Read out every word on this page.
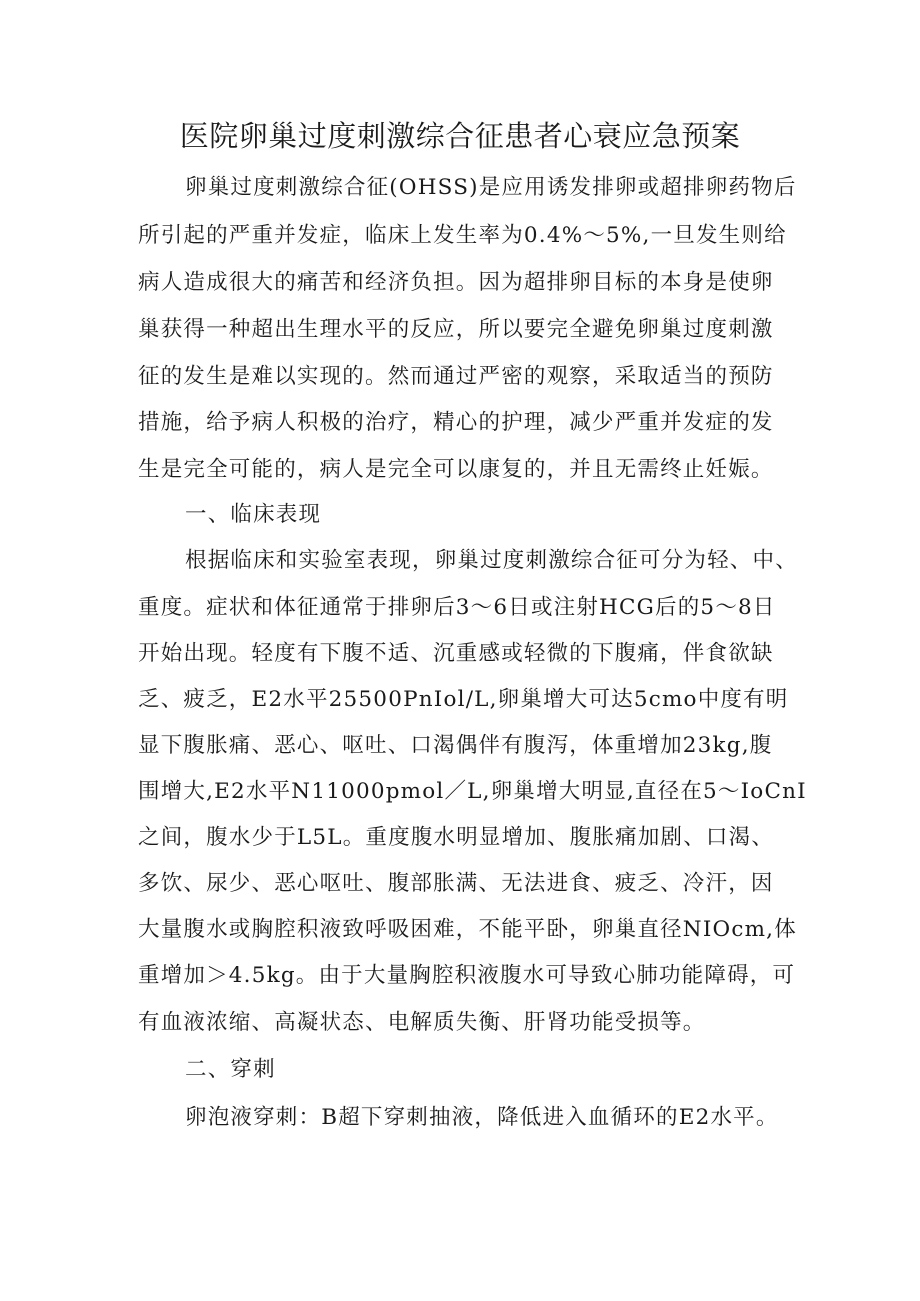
医院卵巢过度刺激综合征患者心衰应急预案

卵巢过度刺激综合征(OHSS)是应用诱发排卵或超排卵药物后

所引起的严重并发症，临床上发生率为0.4%～5%,一旦发生则给

病人造成很大的痛苦和经济负担。因为超排卵目标的本身是使卵

巢获得一种超出生理水平的反应，所以要完全避免卵巢过度刺激

征的发生是难以实现的。然而通过严密的观察，采取适当的预防

措施，给予病人积极的治疗，精心的护理，减少严重并发症的发

生是完全可能的，病人是完全可以康复的，并且无需终止妊娠。

一、临床表现

根据临床和实验室表现，卵巢过度刺激综合征可分为轻、中、

重度。症状和体征通常于排卵后3～6日或注射HCG后的5～8日

开始出现。轻度有下腹不适、沉重感或轻微的下腹痛，伴食欲缺

乏、疲乏，E2水平25500PnIol/L,卵巢增大可达5cmo中度有明

显下腹胀痛、恶心、呕吐、口渴偶伴有腹泻，体重增加23kg,腹

围增大,E2水平N11000pmol／L,卵巢增大明显,直径在5～IoCnI

之间，腹水少于L5L。重度腹水明显增加、腹胀痛加剧、口渴、

多饮、尿少、恶心呕吐、腹部胀满、无法进食、疲乏、冷汗，因

大量腹水或胸腔积液致呼吸困难，不能平卧，卵巢直径NIOcm,体

重增加＞4.5kg。由于大量胸腔积液腹水可导致心肺功能障碍，可

有血液浓缩、高凝状态、电解质失衡、肝肾功能受损等。

二、穿刺

卵泡液穿刺：B超下穿刺抽液，降低进入血循环的E2水平。
